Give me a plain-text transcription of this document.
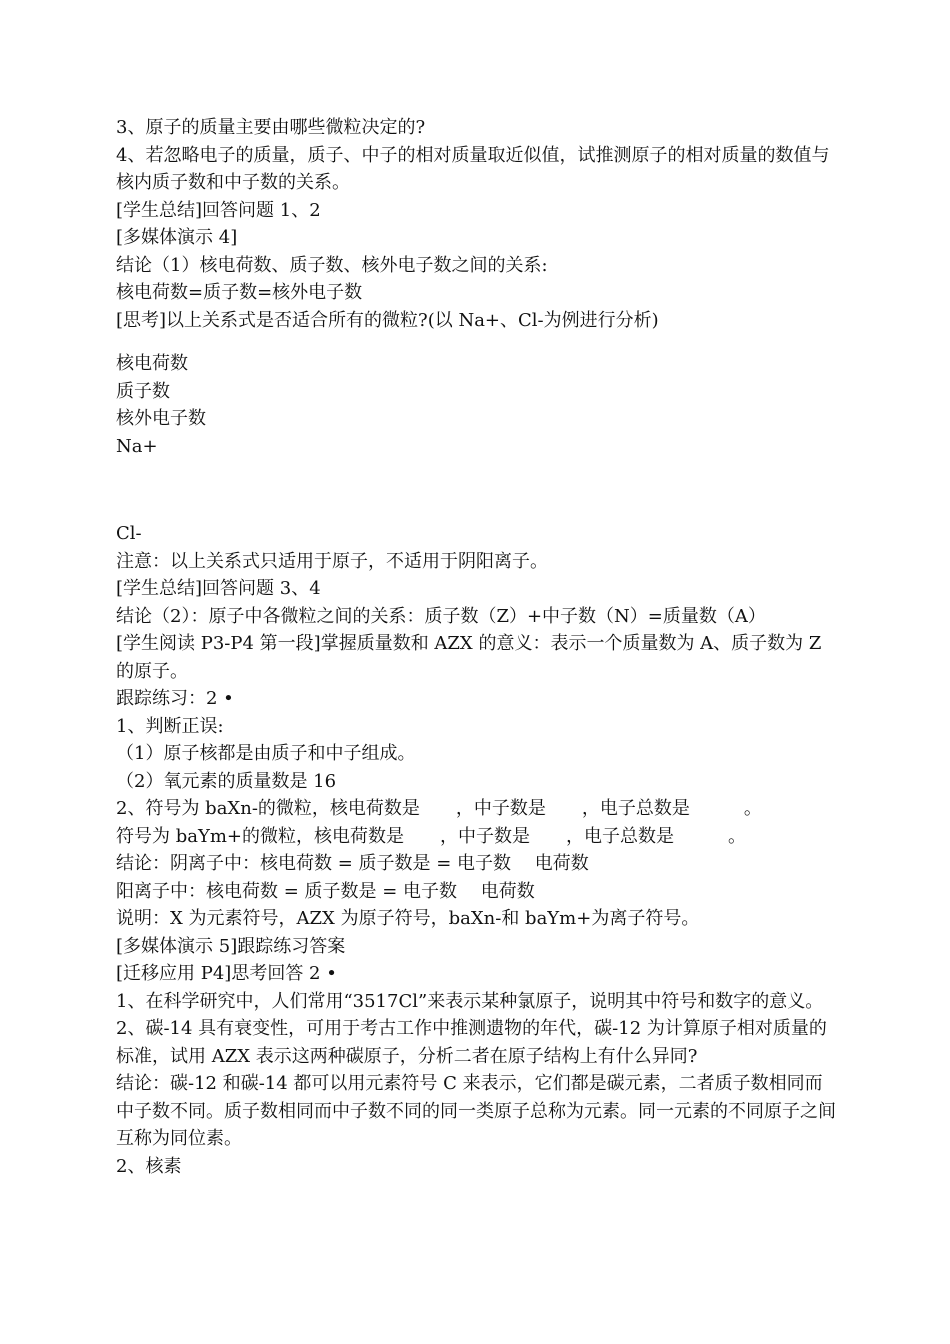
3、原子的质量主要由哪些微粒决定的?

4、若忽略电子的质量，质子、中子的相对质量取近似值，试推测原子的相对质量的数值与核内质子数和中子数的关系。

[学生总结]回答问题 1、2

[多媒体演示 4]

结论（1）核电荷数、质子数、核外电子数之间的关系:

核电荷数=质子数=核外电子数

[思考]以上关系式是否适合所有的微粒?(以 Na+、Cl-为例进行分析)

核电荷数

质子数

核外电子数

Na+

Cl-

注意：以上关系式只适用于原子，不适用于阴阳离子。

[学生总结]回答问题 3、4

结论（2）：原子中各微粒之间的关系：质子数（Z）+中子数（N）=质量数（A）

[学生阅读 P3-P4 第一段]掌握质量数和 AZX 的意义：表示一个质量数为 A、质子数为 Z 的原子。

跟踪练习：2 •

1、判断正误:

（1）原子核都是由质子和中子组成。

（2）氧元素的质量数是 16

2、符号为 baXn-的微粒，核电荷数是　　，中子数是　　，电子总数是　　　。

符号为 baYm+的微粒，核电荷数是　　，中子数是　　，电子总数是　　　。

结论：阴离子中：核电荷数 = 质子数是 = 电子数　 电荷数

阳离子中：核电荷数 = 质子数是 = 电子数　 电荷数

说明：X 为元素符号，AZX 为原子符号，baXn-和 baYm+为离子符号。

[多媒体演示 5]跟踪练习答案

[迁移应用 P4]思考回答 2 •

1、在科学研究中，人们常用“3517Cl”来表示某种氯原子，说明其中符号和数字的意义。

2、碳-14 具有衰变性，可用于考古工作中推测遗物的年代，碳-12 为计算原子相对质量的标准，试用 AZX 表示这两种碳原子，分析二者在原子结构上有什么异同?

结论：碳-12 和碳-14 都可以用元素符号 C 来表示，它们都是碳元素，二者质子数相同而中子数不同。质子数相同而中子数不同的同一类原子总称为元素。同一元素的不同原子之间互称为同位素。

2、核素
